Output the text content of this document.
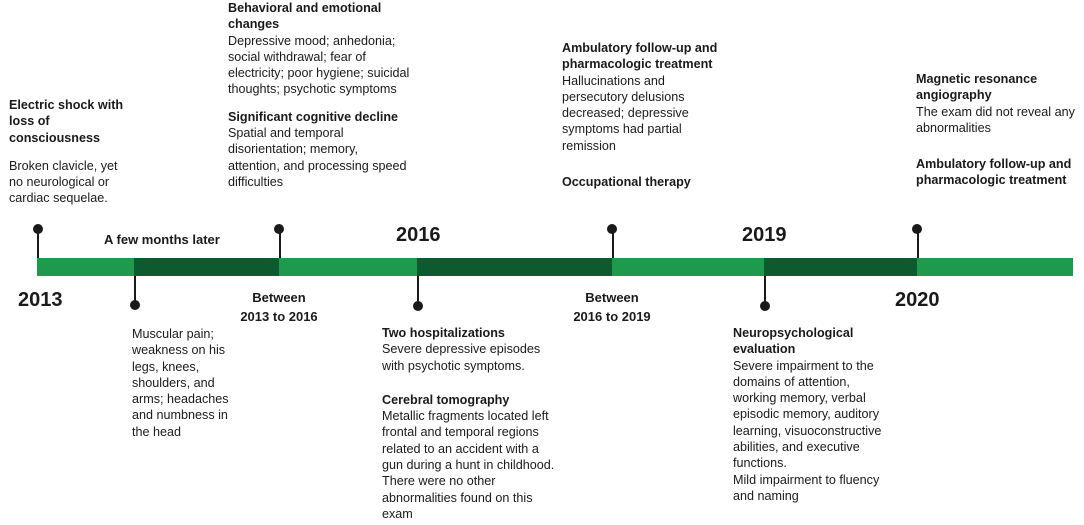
2013
2016	2019
2020
A few months later
Between
2013 to 2016
Between
2016 to 2019
Electric shock with
loss of
consciousness
Broken clavicle, yet
no neurological or
cardiac sequelae.
Behavioral and emotional
changes
Depressive mood; anhedonia;
social withdrawal; fear of
electricity; poor hygiene; suicidal
thoughts; psychotic symptoms
Significant cognitive decline
Spatial and temporal
disorientation; memory,
attention, and processing speed
difficulties
Ambulatory follow-up and
pharmacologic treatment
Hallucinations and
persecutory delusions
decreased; depressive
symptoms had partial
remission
Occupational therapy
Magnetic resonance
angiography
The exam did not reveal any
abnormalities
Ambulatory follow-up and
pharmacologic treatment
Muscular pain;
weakness on his
legs, knees,
shoulders, and
arms; headaches
and numbness in
the head
Two hospitalizations
Severe depressive episodes
with psychotic symptoms.
Cerebral tomography
Metallic fragments located left
frontal and temporal regions
related to an accident with a
gun during a hunt in childhood.
There were no other
abnormalities found on this
exam
Neuropsychological
evaluation
Severe impairment to the
domains of attention,
working memory, verbal
episodic memory, auditory
learning, visuoconstructive
abilities, and executive
functions.
Mild impairment to fluency
and naming
